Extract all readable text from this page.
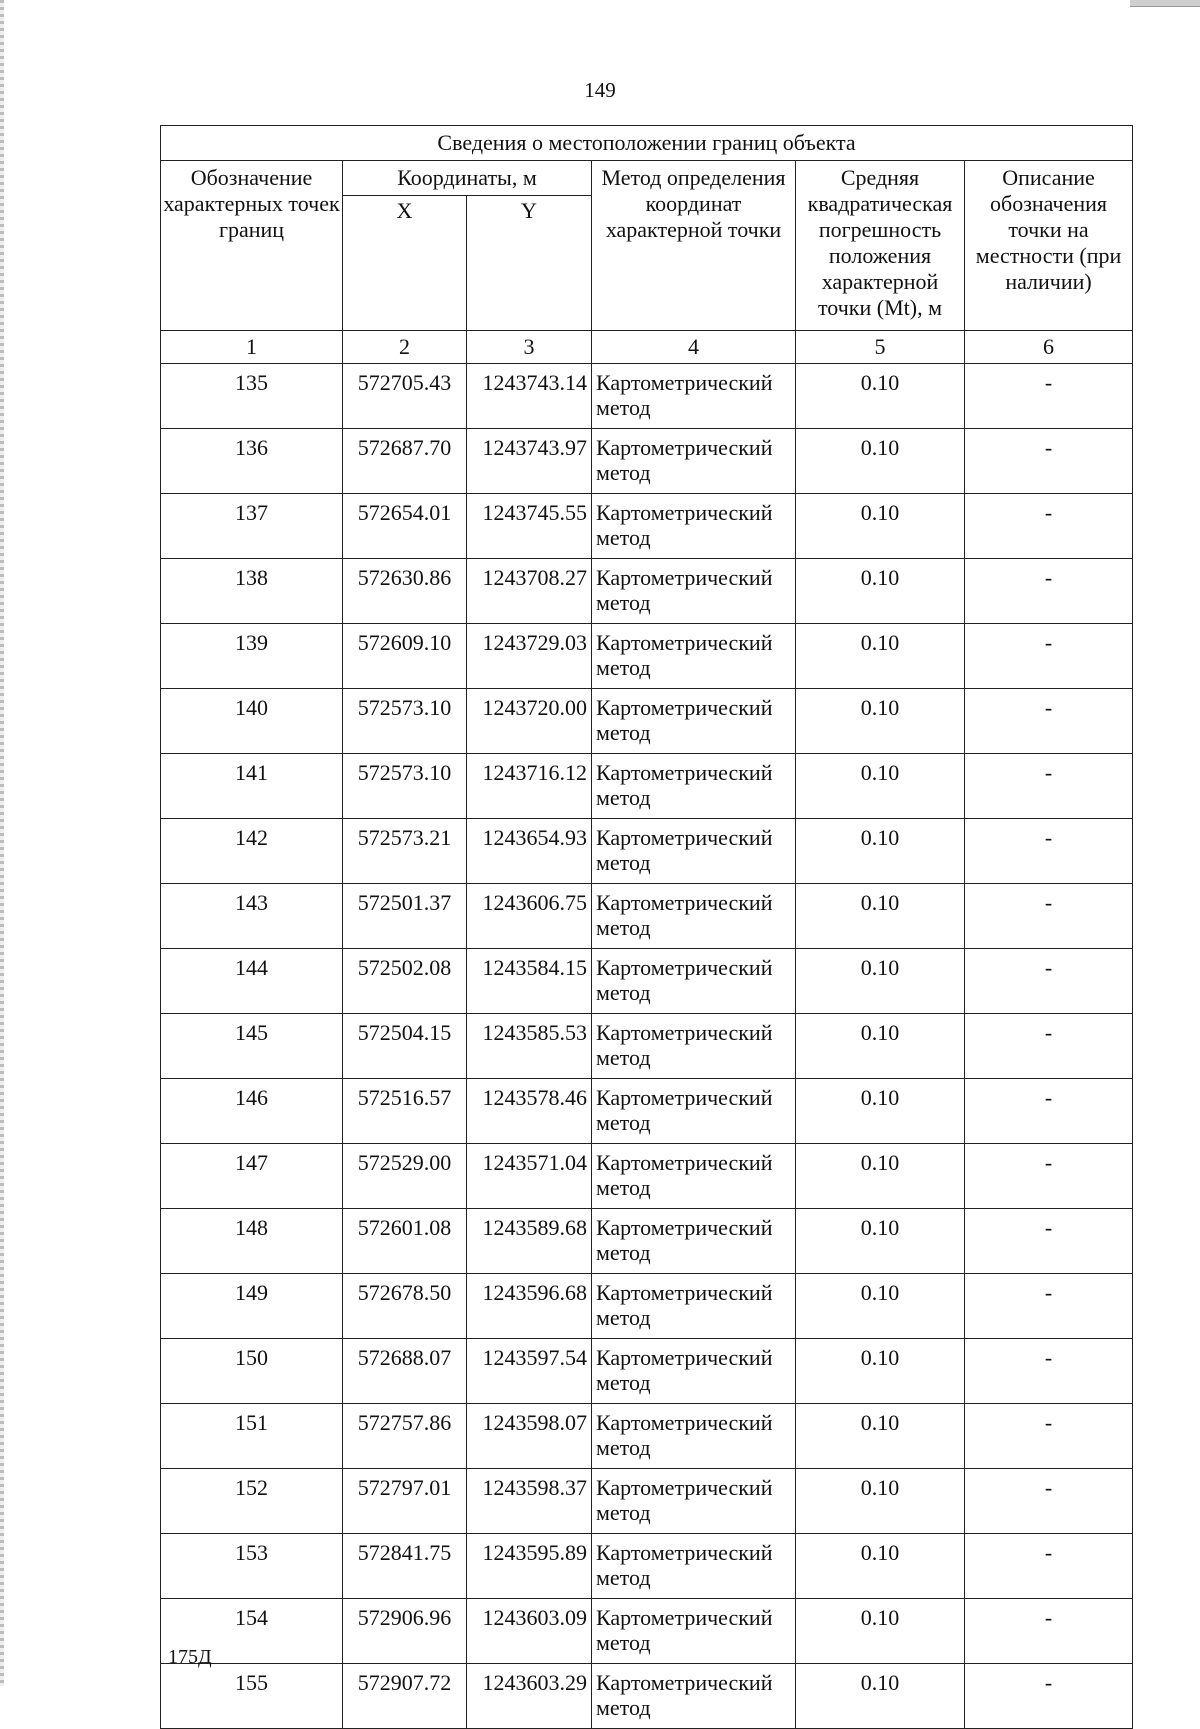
149
Сведения о местоположении границ объекта					
Обозначение характерных точек границ	Координаты, м		Метод определения координат характерной точки	Средняя квадратическая погрешность положения характерной точки (Mt), м	Описание обозначения точки на местности (при наличии)
	X	Y			
1	2	3	4	5	6
135	572705.43	1243743.14	Картометрический метод	0.10	-
136	572687.70	1243743.97	Картометрический метод	0.10	-
137	572654.01	1243745.55	Картометрический метод	0.10	-
138	572630.86	1243708.27	Картометрический метод	0.10	-
139	572609.10	1243729.03	Картометрический метод	0.10	-
140	572573.10	1243720.00	Картометрический метод	0.10	-
141	572573.10	1243716.12	Картометрический метод	0.10	-
142	572573.21	1243654.93	Картометрический метод	0.10	-
143	572501.37	1243606.75	Картометрический метод	0.10	-
144	572502.08	1243584.15	Картометрический метод	0.10	-
145	572504.15	1243585.53	Картометрический метод	0.10	-
146	572516.57	1243578.46	Картометрический метод	0.10	-
147	572529.00	1243571.04	Картометрический метод	0.10	-
148	572601.08	1243589.68	Картометрический метод	0.10	-
149	572678.50	1243596.68	Картометрический метод	0.10	-
150	572688.07	1243597.54	Картометрический метод	0.10	-
151	572757.86	1243598.07	Картометрический метод	0.10	-
152	572797.01	1243598.37	Картометрический метод	0.10	-
153	572841.75	1243595.89	Картометрический метод	0.10	-
154	572906.96	1243603.09	Картометрический метод	0.10	-
155	572907.72	1243603.29	Картометрический метод	0.10	-
175Д
